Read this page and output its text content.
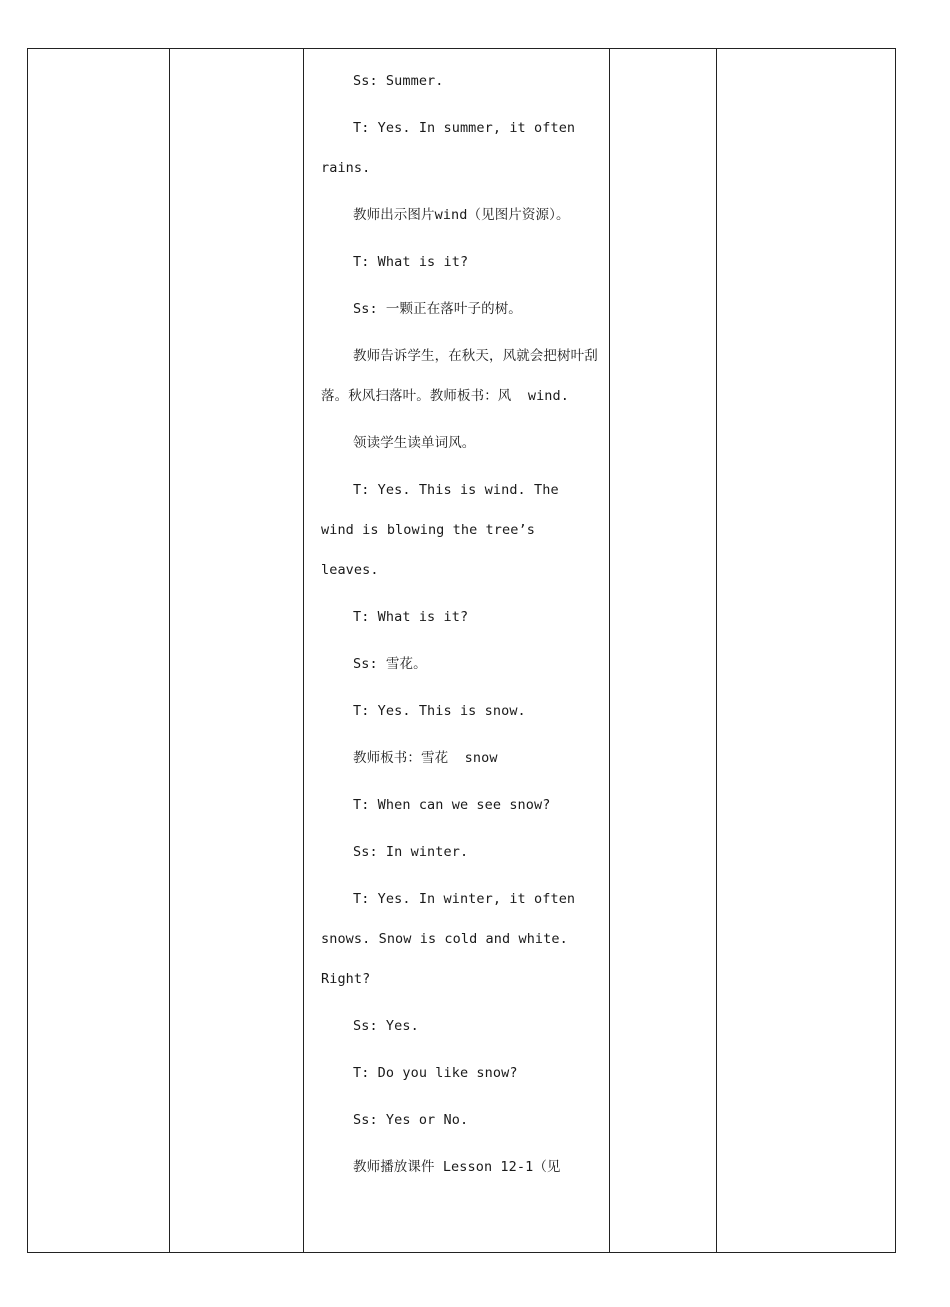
Ss: Summer.

T: Yes. In summer, it often rains.

教师出示图片wind（见图片资源）。

T: What is it?

Ss: 一颗正在落叶子的树。

教师告诉学生，在秋天，风就会把树叶刮落。秋风扫落叶。教师板书：风  wind.

领读学生读单词风。

T: Yes. This is wind. The wind is blowing the tree’s leaves.

T: What is it?

Ss: 雪花。

T: Yes. This is snow.

教师板书：雪花  snow

T: When can we see snow?

Ss: In winter.

T: Yes. In winter, it often snows. Snow is cold and white. Right?

Ss: Yes.

T: Do you like snow?

Ss: Yes or No.

教师播放课件 Lesson 12-1（见
